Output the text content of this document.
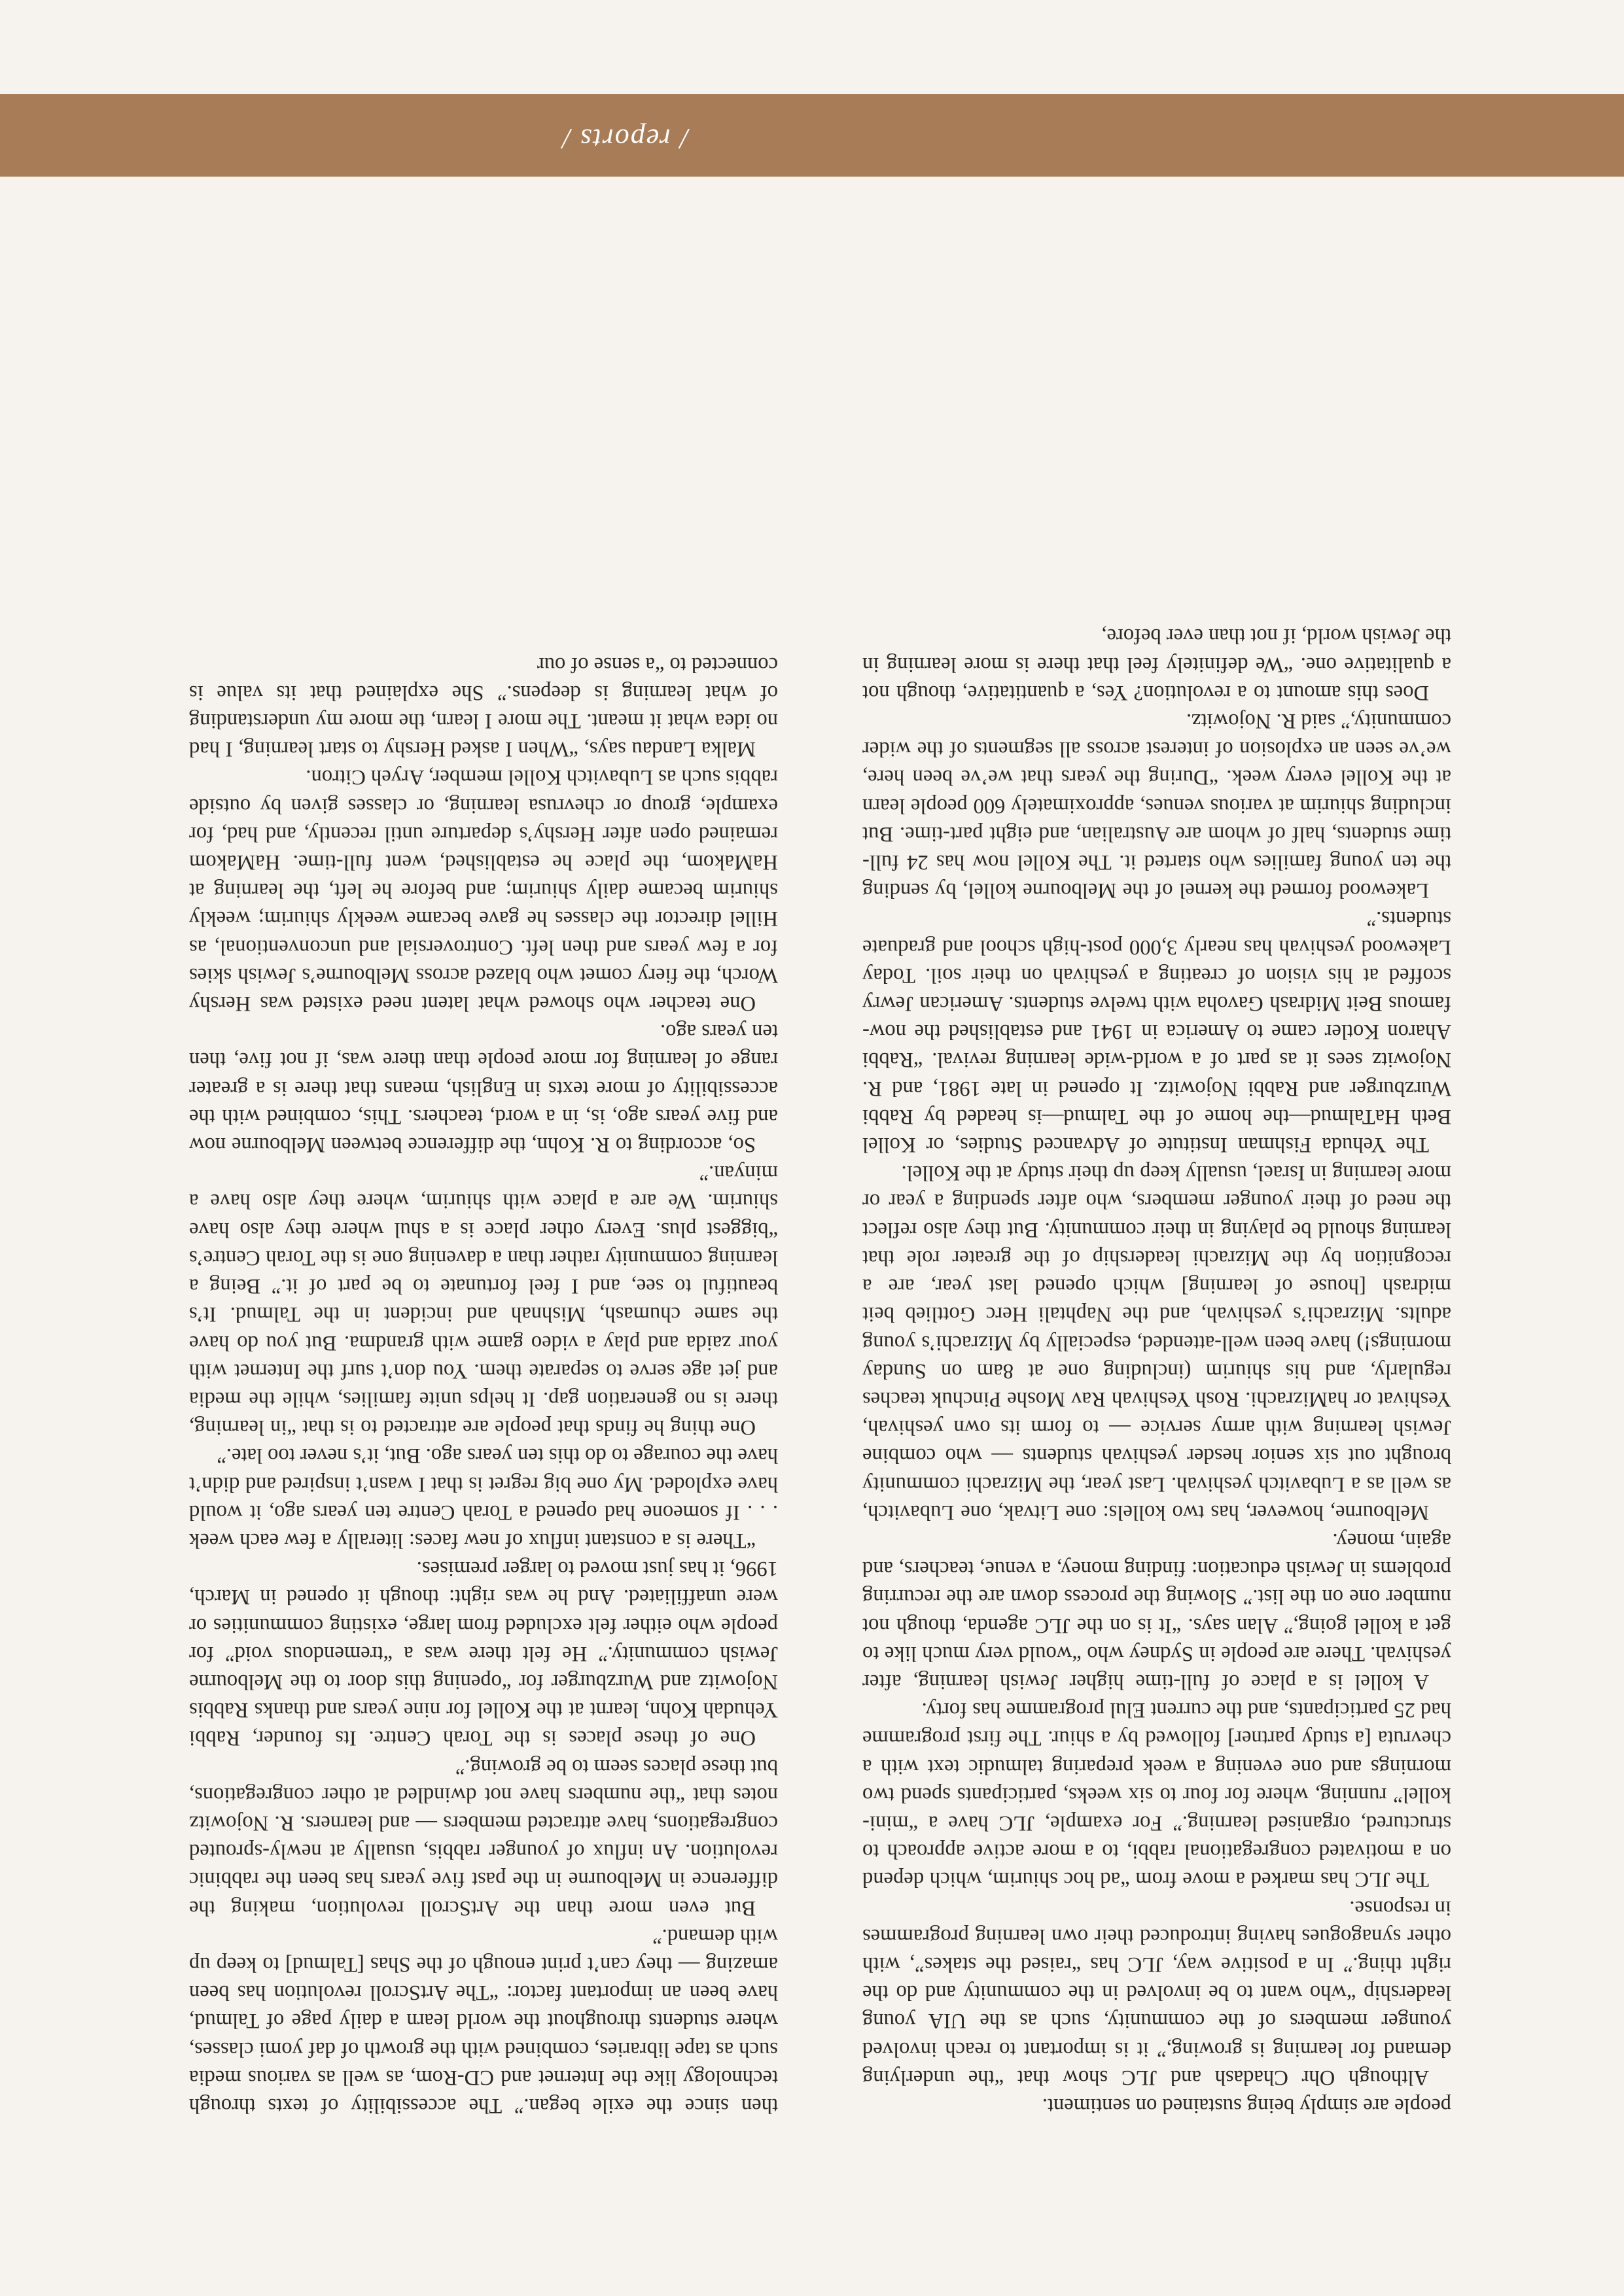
people are simply being sustained on sentiment.

Although Ohr Chadash and JLC show that “the underlying demand for learning is growing,” it is important to reach involved younger members of the community, such as the UIA young leadership “who want to be involved in the community and do the right thing.” In a positive way, JLC has “raised the stakes”, with other synagogues having introduced their own learning programmes in response.

The JLC has marked a move from “ad hoc shiurim, which depend on a motivated congregational rabbi, to a more active approach to structured, organised learning.” For example, JLC have a “mini-kollel” running, where for four to six weeks, participants spend two mornings and one evening a week preparing talmudic text with a chevruta [a study partner] followed by a shiur. The first programme had 25 participants, and the current Elul programme has forty.

A kollel is a place of full-time higher Jewish learning, after yeshivah. There are people in Sydney who “would very much like to get a kollel going,” Alan says. “It is on the JLC agenda, though not number one on the list.” Slowing the process down are the recurring problems in Jewish education: finding money, a venue, teachers, and again, money.

Melbourne, however, has two kollels: one Litvak, one Lubavitch, as well as a Lubavitch yeshivah. Last year, the Mizrachi community brought out six senior hesder yeshivah students — who combine Jewish learning with army service — to form its own yeshivah, Yeshivat or haMizrachi. Rosh Yeshivah Rav Moshe Pinchuk teaches regularly, and his shiurim (including one at 8am on Sunday mornings!) have been well-attended, especially by Mizrachi’s young adults. Mizrachi’s yeshivah, and the Naphtali Herc Gottlieb beit midrash [house of learning] which opened last year, are a recognition by the Mizrachi leadership of the greater role that learning should be playing in their community. But they also reflect the need of their younger members, who after spending a year or more learning in Israel, usually keep up their study at the Kollel.

The Yehuda Fishman Institute of Advanced Studies, or Kollel Beth HaTalmud—the home of the Talmud—is headed by Rabbi Wurzburger and Rabbi Nojowitz. It opened in late 1981, and R. Nojowitz sees it as part of a world-wide learning revival. “Rabbi Aharon Kotler came to America in 1941 and established the now-famous Beit Midrash Gavoha with twelve students. American Jewry scoffed at his vision of creating a yeshivah on their soil. Today Lakewood yeshivah has nearly 3,000 post-high school and graduate students.”

Lakewood formed the kernel of the Melbourne kollel, by sending the ten young families who started it. The Kollel now has 24 full-time students, half of whom are Australian, and eight part-time. But including shiurim at various venues, approximately 600 people learn at the Kollel every week. “During the years that we’ve been here, we’ve seen an explosion of interest across all segments of the wider community,” said R. Nojowitz.

Does this amount to a revolution? Yes, a quantitative, though not a qualitative one. “We definitely feel that there is more learning in the Jewish world, if not than ever before,

then since the exile began.” The accessibility of texts through technology like the Internet and CD-Rom, as well as various media such as tape libraries, combined with the growth of daf yomi classes, where students throughout the world learn a daily page of Talmud, have been an important factor: “The ArtScroll revolution has been amazing — they can’t print enough of the Shas [Talmud] to keep up with demand.”

But even more than the ArtScroll revolution, making the difference in Melbourne in the past five years has been the rabbinic revolution. An influx of younger rabbis, usually at newly-sprouted congregations, have attracted members — and learners. R. Nojowitz notes that “the numbers have not dwindled at other congregations, but these places seem to be growing.”

One of these places is the Torah Centre. Its founder, Rabbi Yehudah Kohn, learnt at the Kollel for nine years and thanks Rabbis Nojowitz and Wurzburger for “opening this door to the Melbourne Jewish community.” He felt there was a “tremendous void” for people who either felt excluded from large, existing communities or were unaffiliated. And he was right: though it opened in March, 1996, it has just moved to larger premises.

“There is a constant influx of new faces: literally a few each week . . . If someone had opened a Torah Centre ten years ago, it would have exploded. My one big regret is that I wasn’t inspired and didn’t have the courage to do this ten years ago. But, it’s never too late.”

One thing he finds that people are attracted to is that “in learning, there is no generation gap. It helps unite families, while the media and jet age serve to separate them. You don’t surf the Internet with your zaida and play a video game with grandma. But you do have the same chumash, Mishnah and incident in the Talmud. It’s beautiful to see, and I feel fortunate to be part of it.” Being a learning community rather than a davening one is the Torah Centre’s “biggest plus. Every other place is a shul where they also have shiurim. We are a place with shiurim, where they also have a minyan.”

So, according to R. Kohn, the difference between Melbourne now and five years ago, is, in a word, teachers. This, combined with the accessibility of more texts in English, means that there is a greater range of learning for more people than there was, if not five, then ten years ago.

One teacher who showed what latent need existed was Hershy Worch, the fiery comet who blazed across Melbourne’s Jewish skies for a few years and then left. Controversial and unconventional, as Hillel director the classes he gave became weekly shiurim; weekly shiurim became daily shiurim; and before he left, the learning at HaMakom, the place he established, went full-time. HaMakom remained open after Hershy’s departure until recently, and had, for example, group or chevrusa learning, or classes given by outside rabbis such as Lubavitch Kollel member, Aryeh Citron.

Malka Landau says, “When I asked Hershy to start learning, I had no idea what it meant. The more I learn, the more my understanding of what learning is deepens.” She explained that its value is connected to “a sense of our

/ reports /
